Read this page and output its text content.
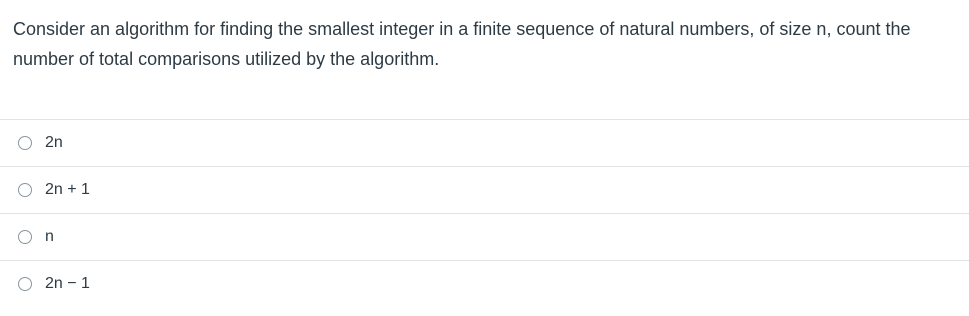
Consider an algorithm for finding the smallest integer in a finite sequence of natural numbers, of size n, count the number of total comparisons utilized by the algorithm.

2n
2n + 1
n
2n − 1
